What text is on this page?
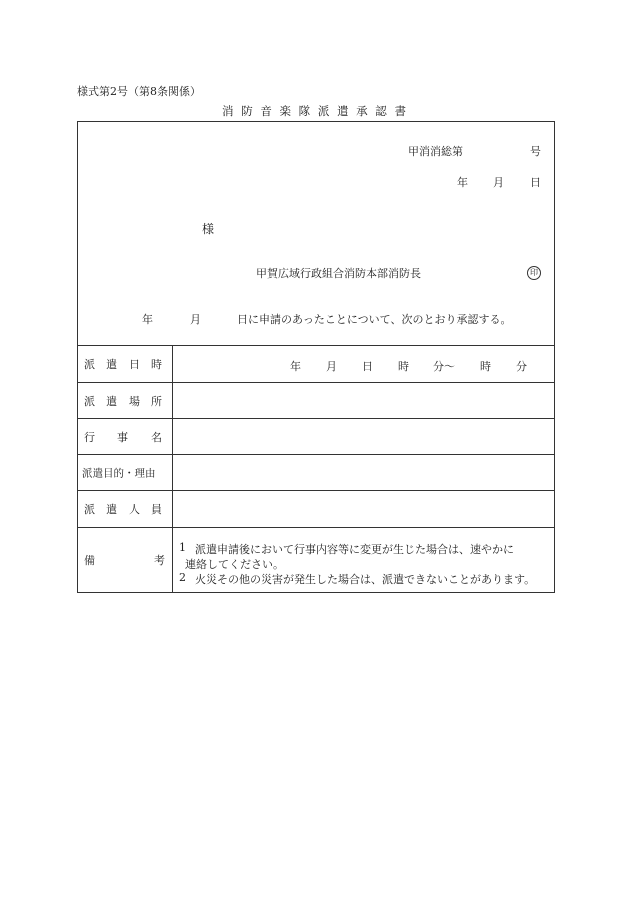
様式第2号（第8条関係）
消 防 音 楽 隊 派 遣 承 認 書
甲消消総第	号
年 月 日
様
甲賀広域行政組合消防本部消防長	印
年	月	日に申請のあったことについて、次のとおり承認する。
派 遣 日 時	年 月 日 時 分〜 時 分
派 遣 場 所
行 事 名
派遣目的・理由
派 遣 人 員
備	考
1 派遣申請後において行事内容等に変更が生じた場合は、速やかに
連絡してください。
2 火災その他の災害が発生した場合は、派遣できないことがあります。
